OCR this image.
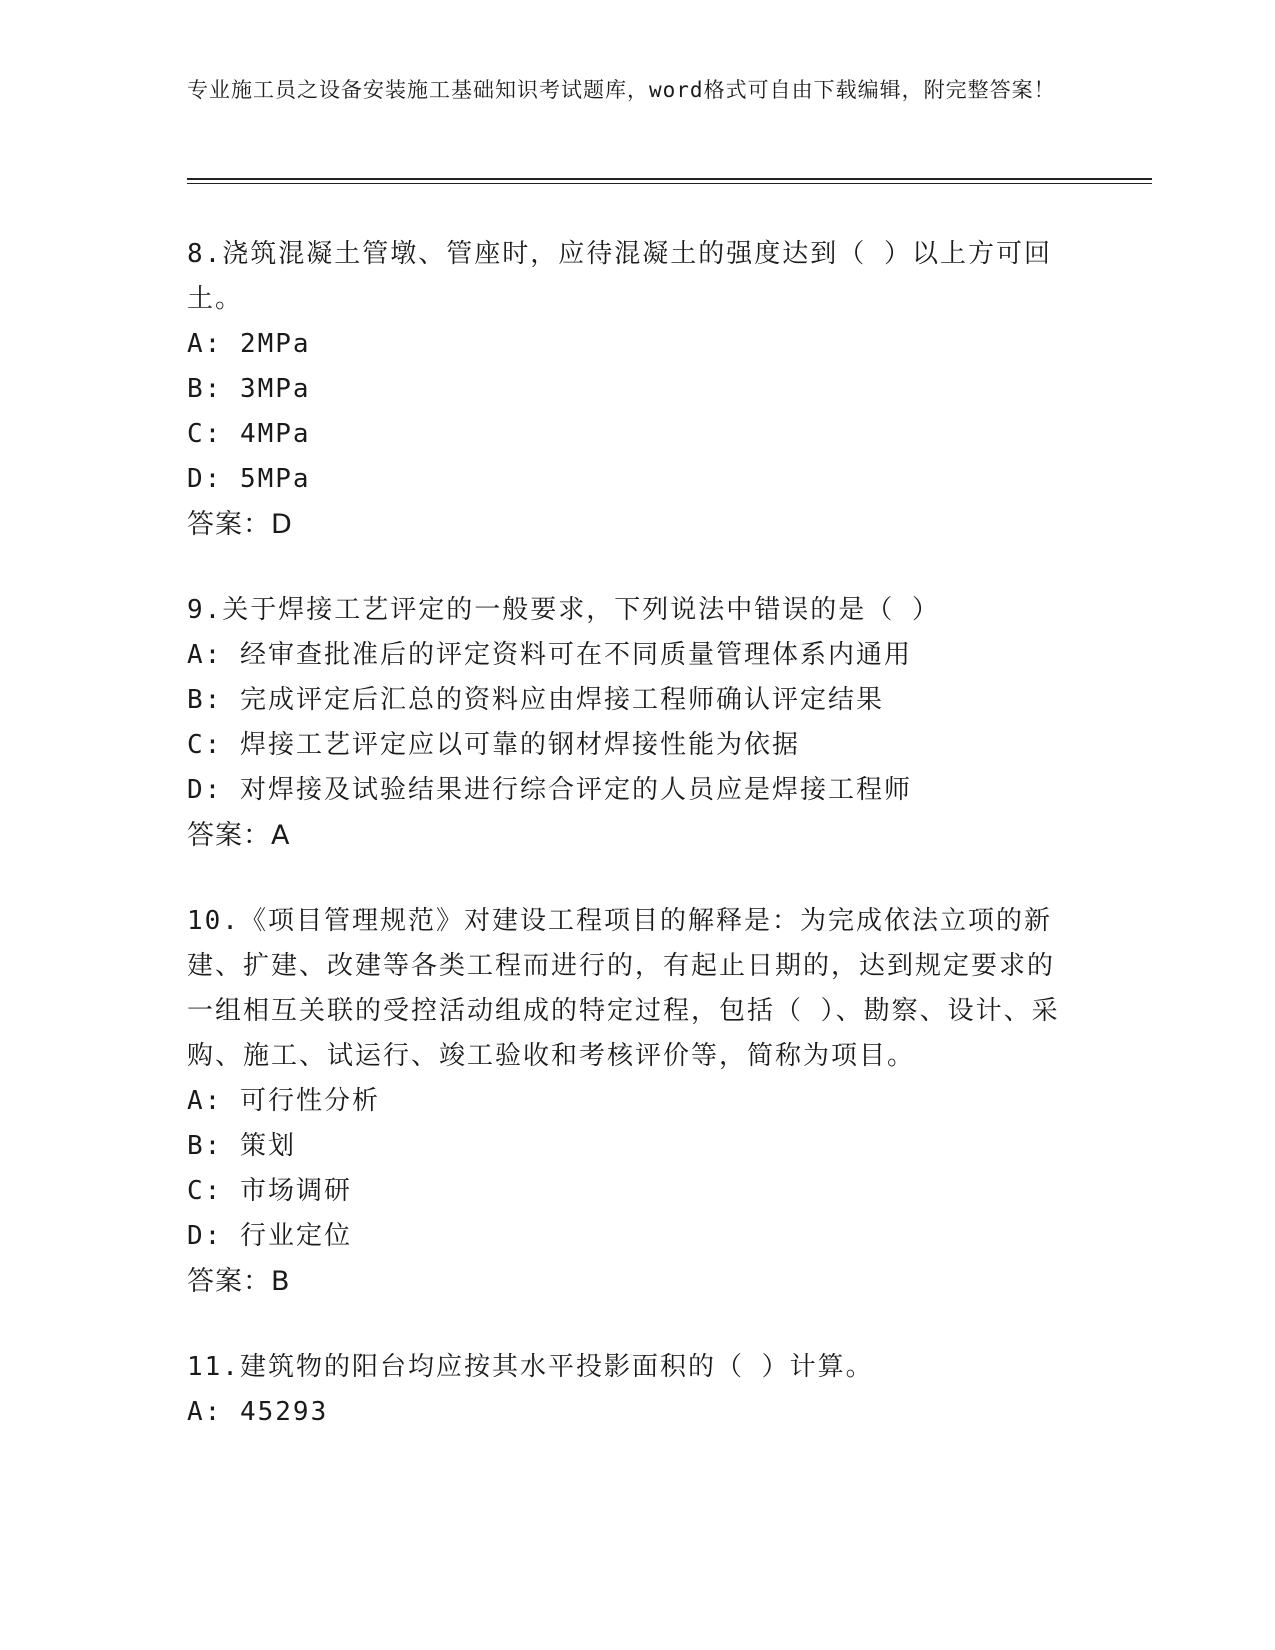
专业施工员之设备安装施工基础知识考试题库，word格式可自由下载编辑，附完整答案！

8.浇筑混凝土管墩、管座时，应待混凝土的强度达到（ ）以上方可回土。

A: 2MPa

B: 3MPa

C: 4MPa

D: 5MPa

答案：D

9.关于焊接工艺评定的一般要求，下列说法中错误的是（ ）

A: 经审查批准后的评定资料可在不同质量管理体系内通用

B: 完成评定后汇总的资料应由焊接工程师确认评定结果

C: 焊接工艺评定应以可靠的钢材焊接性能为依据

D: 对焊接及试验结果进行综合评定的人员应是焊接工程师

答案：A

10.《项目管理规范》对建设工程项目的解释是：为完成依法立项的新建、扩建、改建等各类工程而进行的，有起止日期的，达到规定要求的一组相互关联的受控活动组成的特定过程，包括（ ）、勘察、设计、采购、施工、试运行、竣工验收和考核评价等，简称为项目。

A: 可行性分析

B: 策划

C: 市场调研

D: 行业定位

答案：B

11.建筑物的阳台均应按其水平投影面积的（ ）计算。

A: 45293
